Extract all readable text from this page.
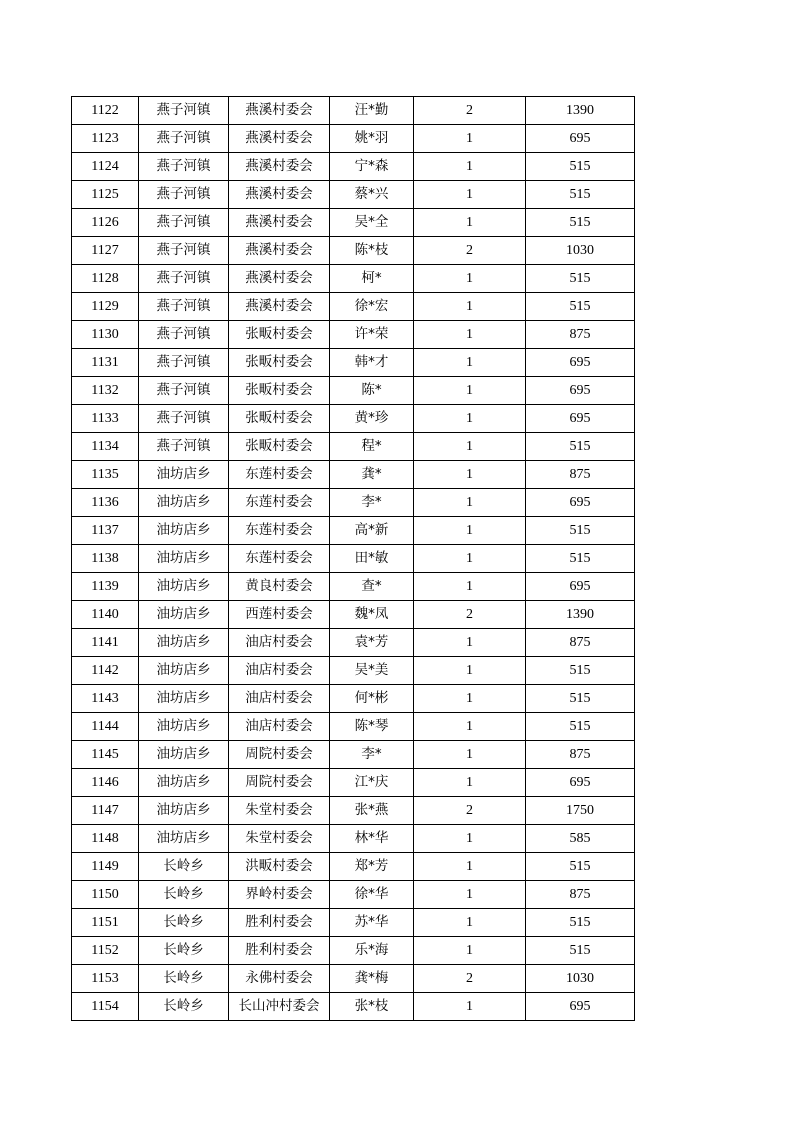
1122	燕子河镇	燕溪村委会	汪*勤	2	1390
1123	燕子河镇	燕溪村委会	姚*羽	1	695
1124	燕子河镇	燕溪村委会	宁*森	1	515
1125	燕子河镇	燕溪村委会	蔡*兴	1	515
1126	燕子河镇	燕溪村委会	吴*全	1	515
1127	燕子河镇	燕溪村委会	陈*枝	2	1030
1128	燕子河镇	燕溪村委会	柯*	1	515
1129	燕子河镇	燕溪村委会	徐*宏	1	515
1130	燕子河镇	张畈村委会	许*荣	1	875
1131	燕子河镇	张畈村委会	韩*才	1	695
1132	燕子河镇	张畈村委会	陈*	1	695
1133	燕子河镇	张畈村委会	黄*珍	1	695
1134	燕子河镇	张畈村委会	程*	1	515
1135	油坊店乡	东莲村委会	龚*	1	875
1136	油坊店乡	东莲村委会	李*	1	695
1137	油坊店乡	东莲村委会	高*新	1	515
1138	油坊店乡	东莲村委会	田*敏	1	515
1139	油坊店乡	黄良村委会	查*	1	695
1140	油坊店乡	西莲村委会	魏*凤	2	1390
1141	油坊店乡	油店村委会	袁*芳	1	875
1142	油坊店乡	油店村委会	吴*美	1	515
1143	油坊店乡	油店村委会	何*彬	1	515
1144	油坊店乡	油店村委会	陈*琴	1	515
1145	油坊店乡	周院村委会	李*	1	875
1146	油坊店乡	周院村委会	江*庆	1	695
1147	油坊店乡	朱堂村委会	张*燕	2	1750
1148	油坊店乡	朱堂村委会	林*华	1	585
1149	长岭乡	洪畈村委会	郑*芳	1	515
1150	长岭乡	界岭村委会	徐*华	1	875
1151	长岭乡	胜利村委会	苏*华	1	515
1152	长岭乡	胜利村委会	乐*海	1	515
1153	长岭乡	永佛村委会	龚*梅	2	1030
1154	长岭乡	长山冲村委会	张*枝	1	695
